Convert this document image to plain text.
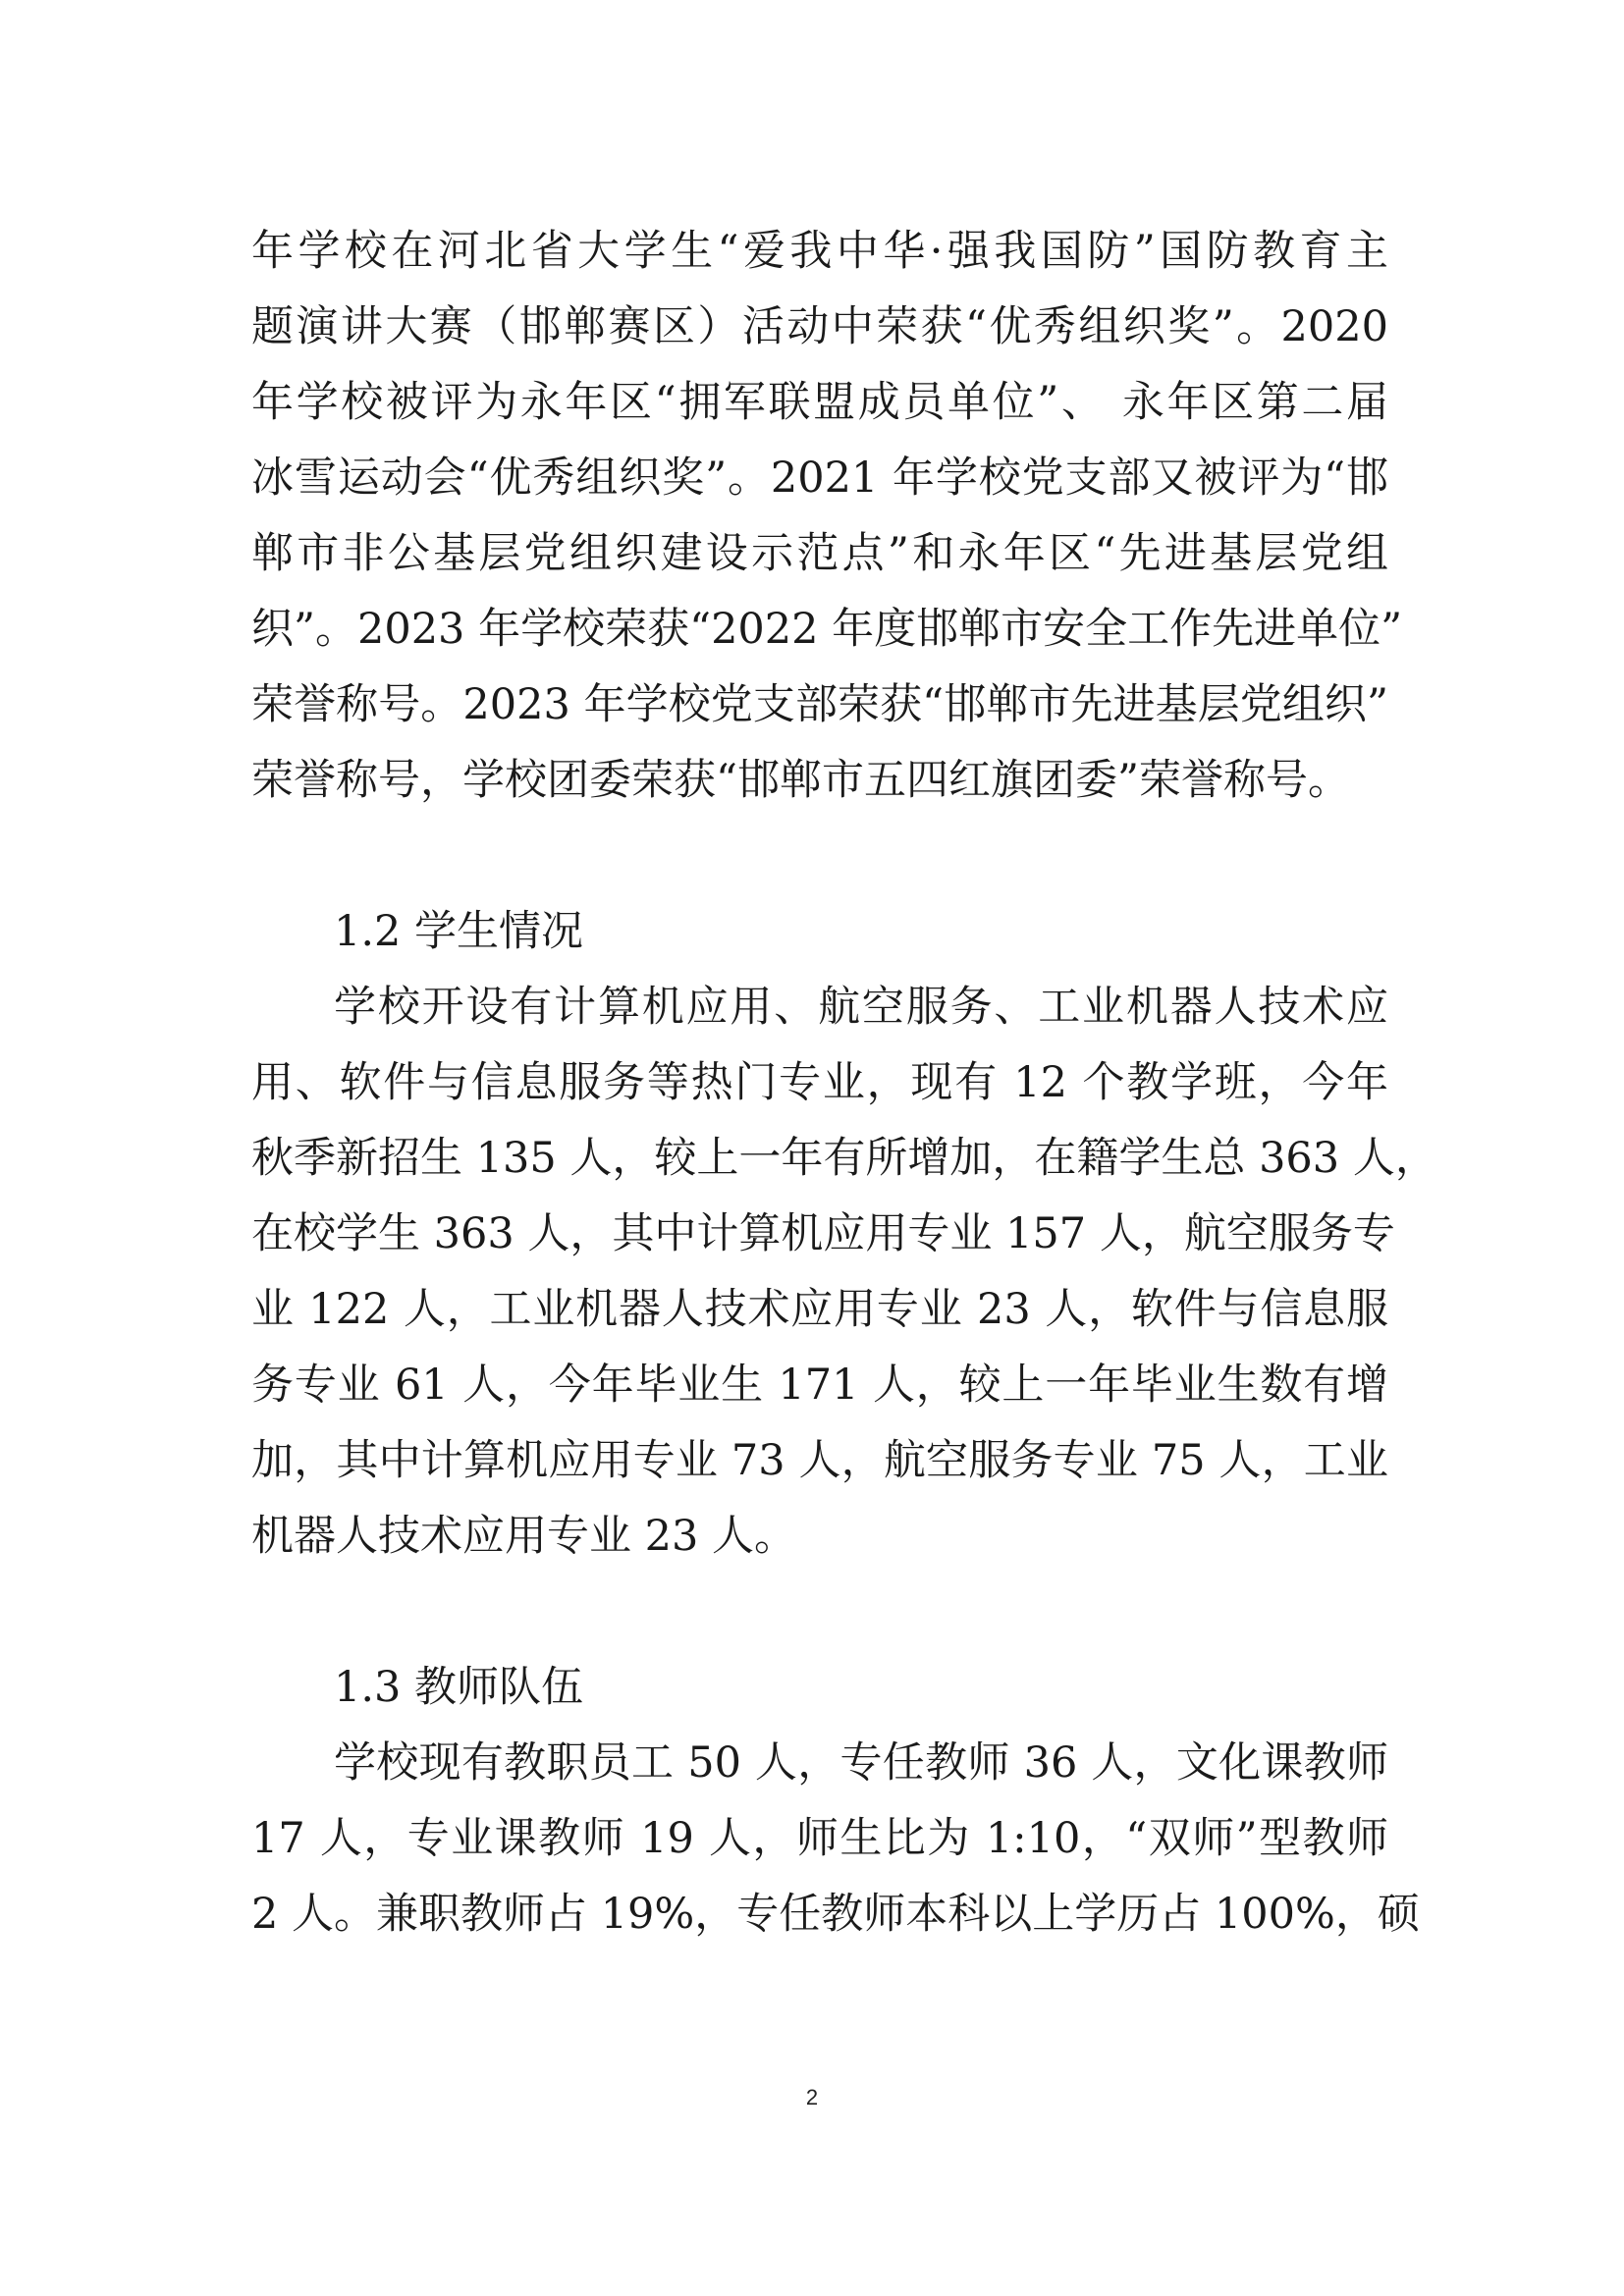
年学校在河北省大学生“爱我中华·强我国防”国防教育主
题演讲大赛（邯郸赛区）活动中荣获“优秀组织奖”。2020
年学校被评为永年区“拥军联盟成员单位”、 永年区第二届
冰雪运动会“优秀组织奖”。2021 年学校党支部又被评为“邯
郸市非公基层党组织建设示范点”和永年区“先进基层党组
织”。2023 年学校荣获“2022 年度邯郸市安全工作先进单位”
荣誉称号。2023 年学校党支部荣获“邯郸市先进基层党组织”
荣誉称号，学校团委荣获“邯郸市五四红旗团委”荣誉称号。
1.2 学生情况
学校开设有计算机应用、航空服务、工业机器人技术应
用、软件与信息服务等热门专业，现有 12 个教学班，今年
秋季新招生 135 人，较上一年有所增加，在籍学生总 363 人，
在校学生 363 人，其中计算机应用专业 157 人，航空服务专
业 122 人，工业机器人技术应用专业 23 人，软件与信息服
务专业 61 人，今年毕业生 171 人，较上一年毕业生数有增
加，其中计算机应用专业 73 人，航空服务专业 75 人，工业
机器人技术应用专业 23 人。
1.3 教师队伍
学校现有教职员工 50 人，专任教师 36 人，文化课教师
17 人，专业课教师 19 人，师生比为 1:10，“双师”型教师
2 人。兼职教师占 19%，专任教师本科以上学历占 100%，硕
2
